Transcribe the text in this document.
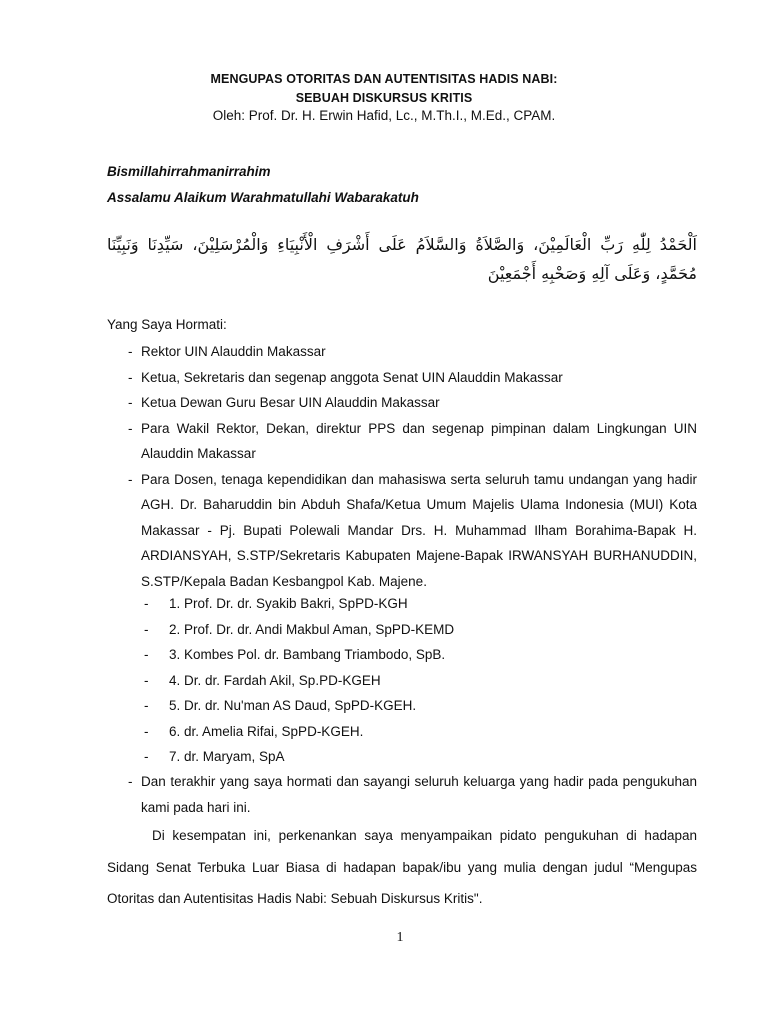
MENGUPAS OTORITAS DAN AUTENTISITAS HADIS NABI:
SEBUAH DISKURSUS KRITIS
Oleh: Prof. Dr. H. Erwin Hafid, Lc., M.Th.I., M.Ed., CPAM.
Bismillahirrahmanirrahim
Assalamu Alaikum Warahmatullahi Wabarakatuh
اَلْحَمْدُ لِلّٰهِ رَبِّ الْعَالَمِيْنَ، وَالصَّلاَةُ وَالسَّلاَمُ عَلَى أَشْرَفِ الْأَنْبِيَاءِ وَالْمُرْسَلِيْنَ، سَيِّدِنَا وَنَبِيِّنَا مُحَمَّدٍ، وَعَلَى آلِهِ وَصَحْبِهِ أَجْمَعِيْنَ
Yang Saya Hormati:
- Rektor UIN Alauddin Makassar
- Ketua, Sekretaris dan segenap anggota Senat UIN Alauddin Makassar
- Ketua Dewan Guru Besar UIN Alauddin Makassar
- Para Wakil Rektor, Dekan, direktur PPS dan segenap pimpinan dalam Lingkungan UIN Alauddin Makassar
- Para Dosen, tenaga kependidikan dan mahasiswa serta seluruh tamu undangan yang hadir AGH. Dr. Baharuddin bin Abduh Shafa/Ketua Umum Majelis Ulama Indonesia (MUI) Kota Makassar - Pj. Bupati Polewali Mandar Drs. H. Muhammad Ilham Borahima-Bapak H. ARDIANSYAH, S.STP/Sekretaris Kabupaten Majene-Bapak IRWANSYAH BURHANUDDIN, S.STP/Kepala Badan Kesbangpol Kab. Majene.
- 1. Prof. Dr. dr. Syakib Bakri, SpPD-KGH
- 2. Prof. Dr. dr. Andi Makbul Aman, SpPD-KEMD
- 3. Kombes Pol. dr. Bambang Triambodo, SpB.
- 4. Dr. dr. Fardah Akil, Sp.PD-KGEH
- 5. Dr. dr. Nu'man AS Daud, SpPD-KGEH.
- 6. dr. Amelia Rifai, SpPD-KGEH.
- 7. dr. Maryam, SpA
- Dan terakhir yang saya hormati dan sayangi seluruh keluarga yang hadir pada pengukuhan kami pada hari ini.

Di kesempatan ini, perkenankan saya menyampaikan pidato pengukuhan di hadapan Sidang Senat Terbuka Luar Biasa di hadapan bapak/ibu yang mulia dengan judul “Mengupas Otoritas dan Autentisitas Hadis Nabi: Sebuah Diskursus Kritis".

1
